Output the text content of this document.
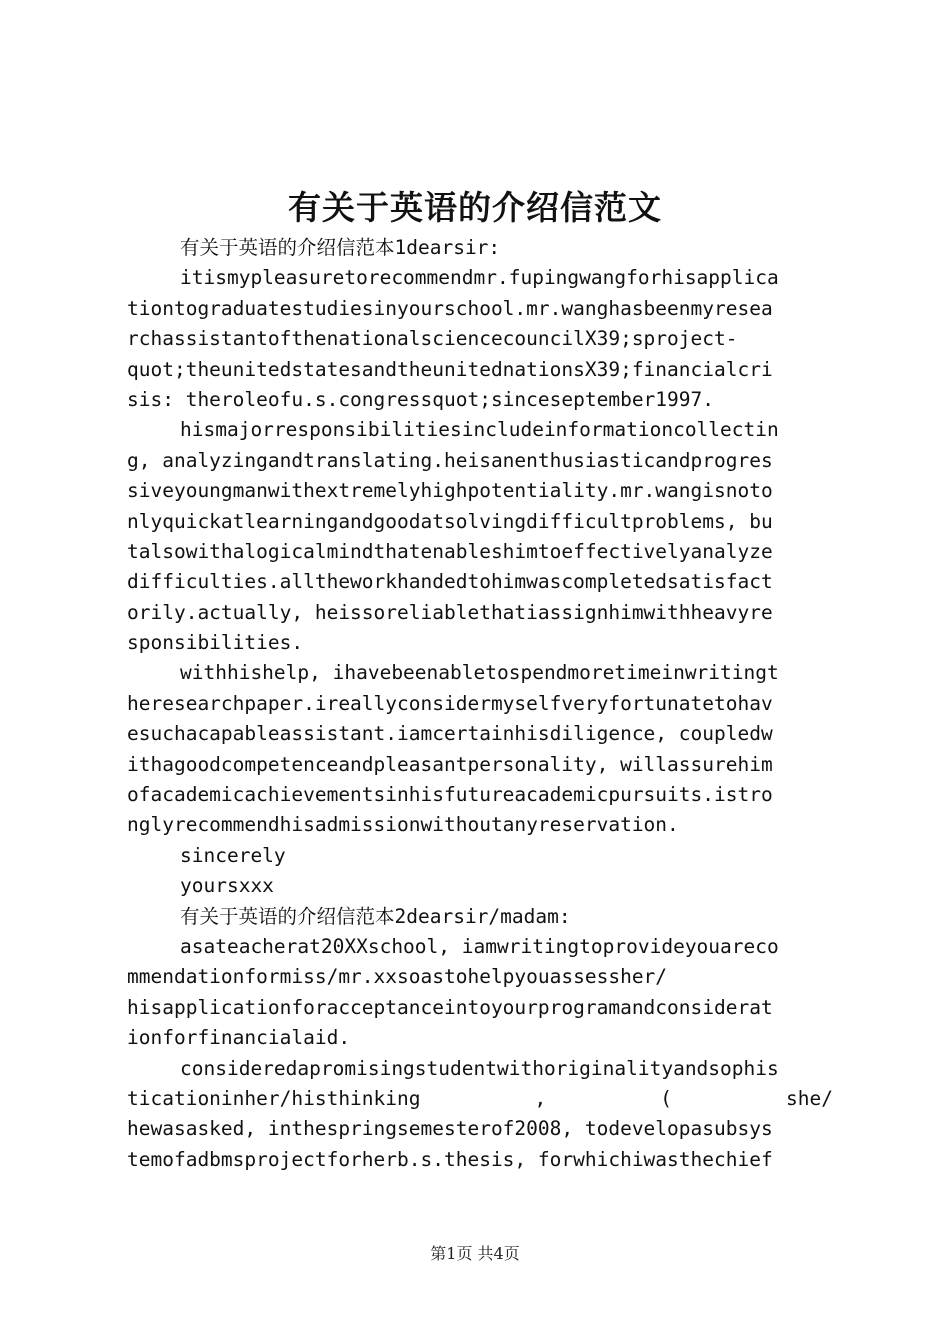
有关于英语的介绍信范文
有关于英语的介绍信范本1dearsir:
itismypleasuretorecommendmr.fupingwangforhisapplica
tiontograduatestudiesinyourschool.mr.wanghasbeenmyresea
rchassistantofthenationalsciencecouncilX39;sproject-
quot;theunitedstatesandtheunitednationsX39;financialcri
sis: theroleofu.s.congressquot;sinceseptember1997.
hismajorresponsibilitiesincludeinformationcollectin
g, analyzingandtranslating.heisanenthusiasticandprogres
siveyoungmanwithextremelyhighpotentiality.mr.wangisnoto
nlyquickatlearningandgoodatsolvingdifficultproblems, bu
talsowithalogicalmindthatenableshimtoeffectivelyanalyze
difficulties.alltheworkhandedtohimwascompletedsatisfact
orily.actually, heissoreliablethatiassignhimwithheavyre
sponsibilities.
withhishelp, ihavebeenabletospendmoretimeinwritingt
heresearchpaper.ireallyconsidermyselfveryfortunatetohav
esuchacapableassistant.iamcertainhisdiligence, coupledw
ithagoodcompetenceandpleasantpersonality, willassurehim
ofacademicachievementsinhisfutureacademicpursuits.istro
nglyrecommendhisadmissionwithoutanyreservation.
sincerely
yoursxxx
有关于英语的介绍信范本2dearsir/madam:
asateacherat20XXschool, iamwritingtoprovideyouareco
mmendationformiss/mr.xxsoastohelpyouassessher/
hisapplicationforacceptanceintoyourprogramandconsiderat
ionforfinancialaid.
consideredapromisingstudentwithoriginalityandsophis
ticationinher/histhinking	,	(	she/
hewasasked, inthespringsemesterof2008, todevelopasubsys
temofadbmsprojectforherb.s.thesis, forwhichiwasthechief
第1页 共4页
